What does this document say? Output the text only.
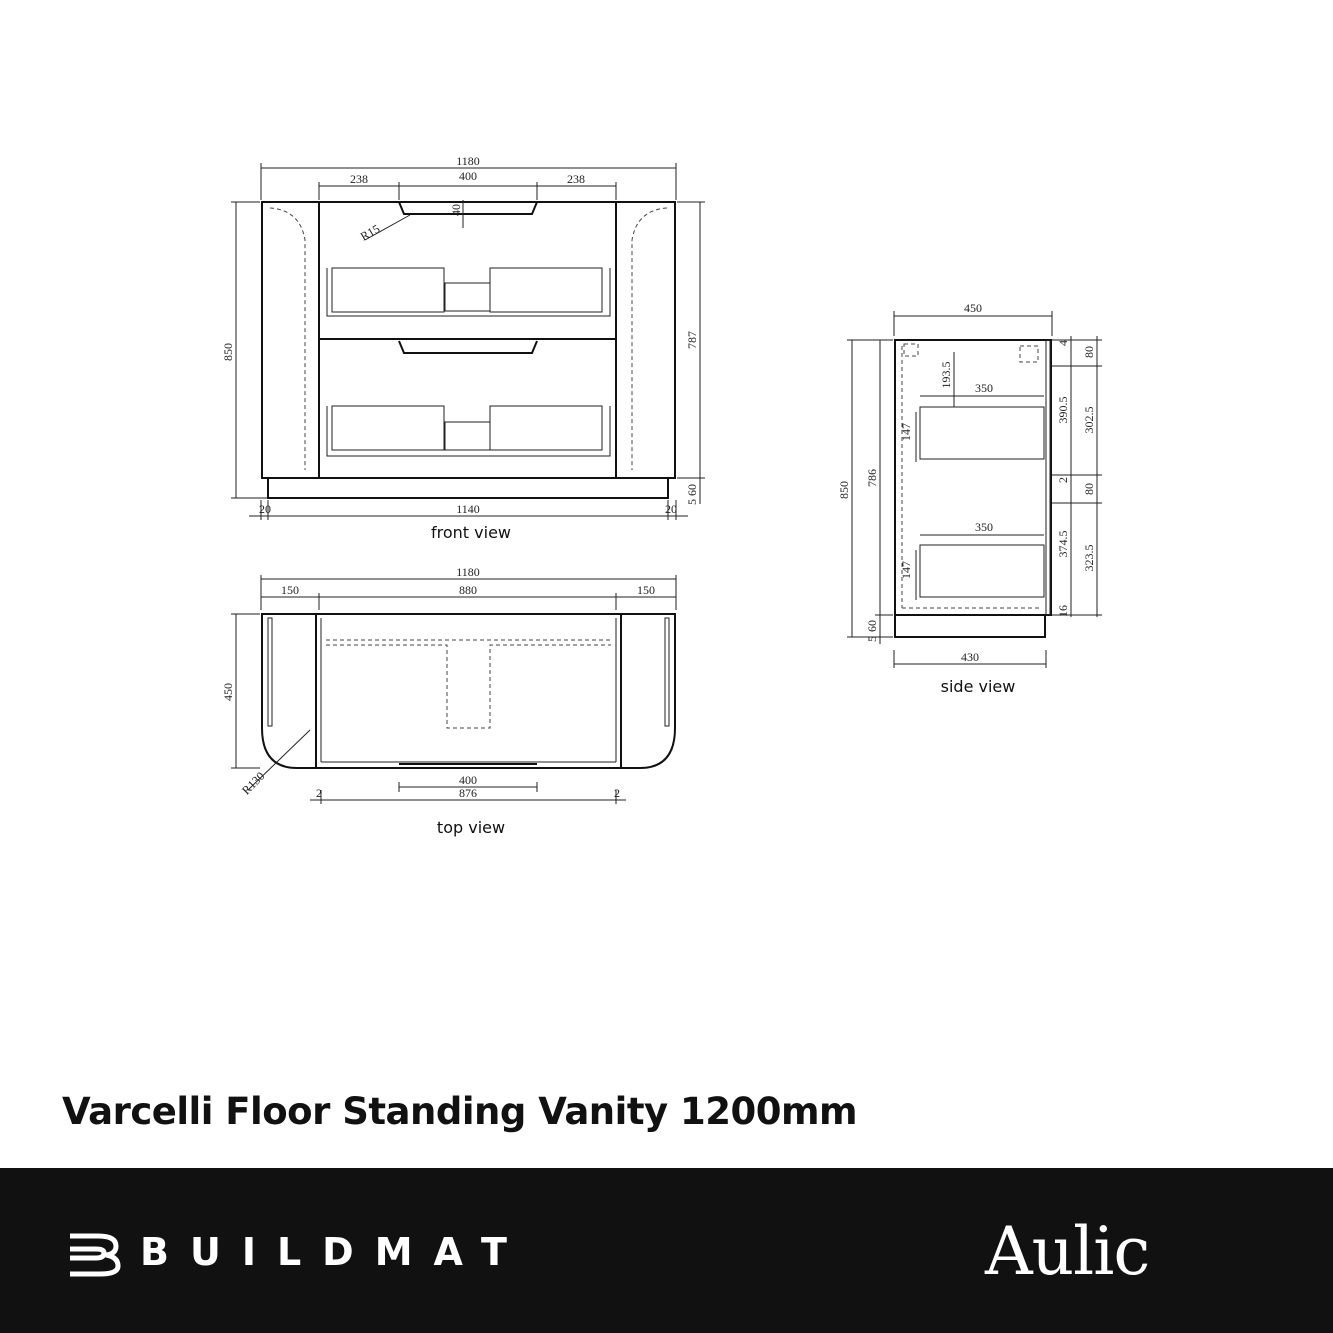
1180
238	400	238
40
R15
850
787
60
5
20	1140	20
front view
1180
150	880	150
450
R130	400
2	876	2
top view
450
193.5 350
147
350
147
850
786
60
5
430
4
390.5
2
374.5
16
80
302.5
80
323.5
side view
Varcelli Floor Standing Vanity 1200mm
BUILDMAT	Aulic
